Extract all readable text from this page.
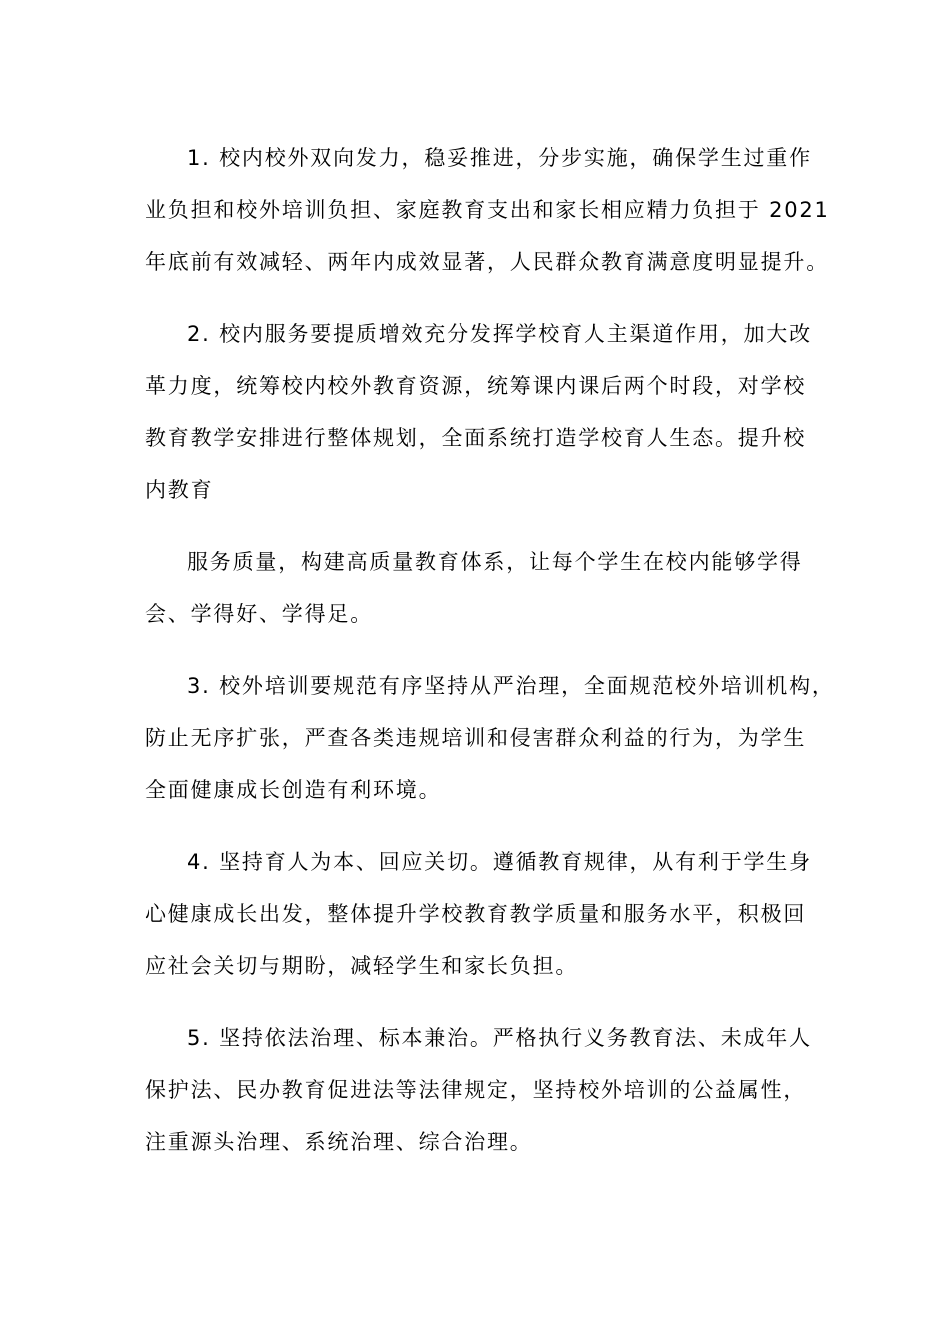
1. 校内校外双向发力，稳妥推进，分步实施，确保学生过重作
业负担和校外培训负担、家庭教育支出和家长相应精力负担于 2021
年底前有效减轻、两年内成效显著，人民群众教育满意度明显提升。
2. 校内服务要提质增效充分发挥学校育人主渠道作用，加大改
革力度，统筹校内校外教育资源，统筹课内课后两个时段，对学校
教育教学安排进行整体规划，全面系统打造学校育人生态。提升校
内教育
服务质量，构建高质量教育体系，让每个学生在校内能够学得
会、学得好、学得足。
3. 校外培训要规范有序坚持从严治理，全面规范校外培训机构，
防止无序扩张，严查各类违规培训和侵害群众利益的行为，为学生
全面健康成长创造有利环境。
4. 坚持育人为本、回应关切。遵循教育规律，从有利于学生身
心健康成长出发，整体提升学校教育教学质量和服务水平，积极回
应社会关切与期盼，减轻学生和家长负担。
5. 坚持依法治理、标本兼治。严格执行义务教育法、未成年人
保护法、民办教育促进法等法律规定，坚持校外培训的公益属性，
注重源头治理、系统治理、综合治理。
